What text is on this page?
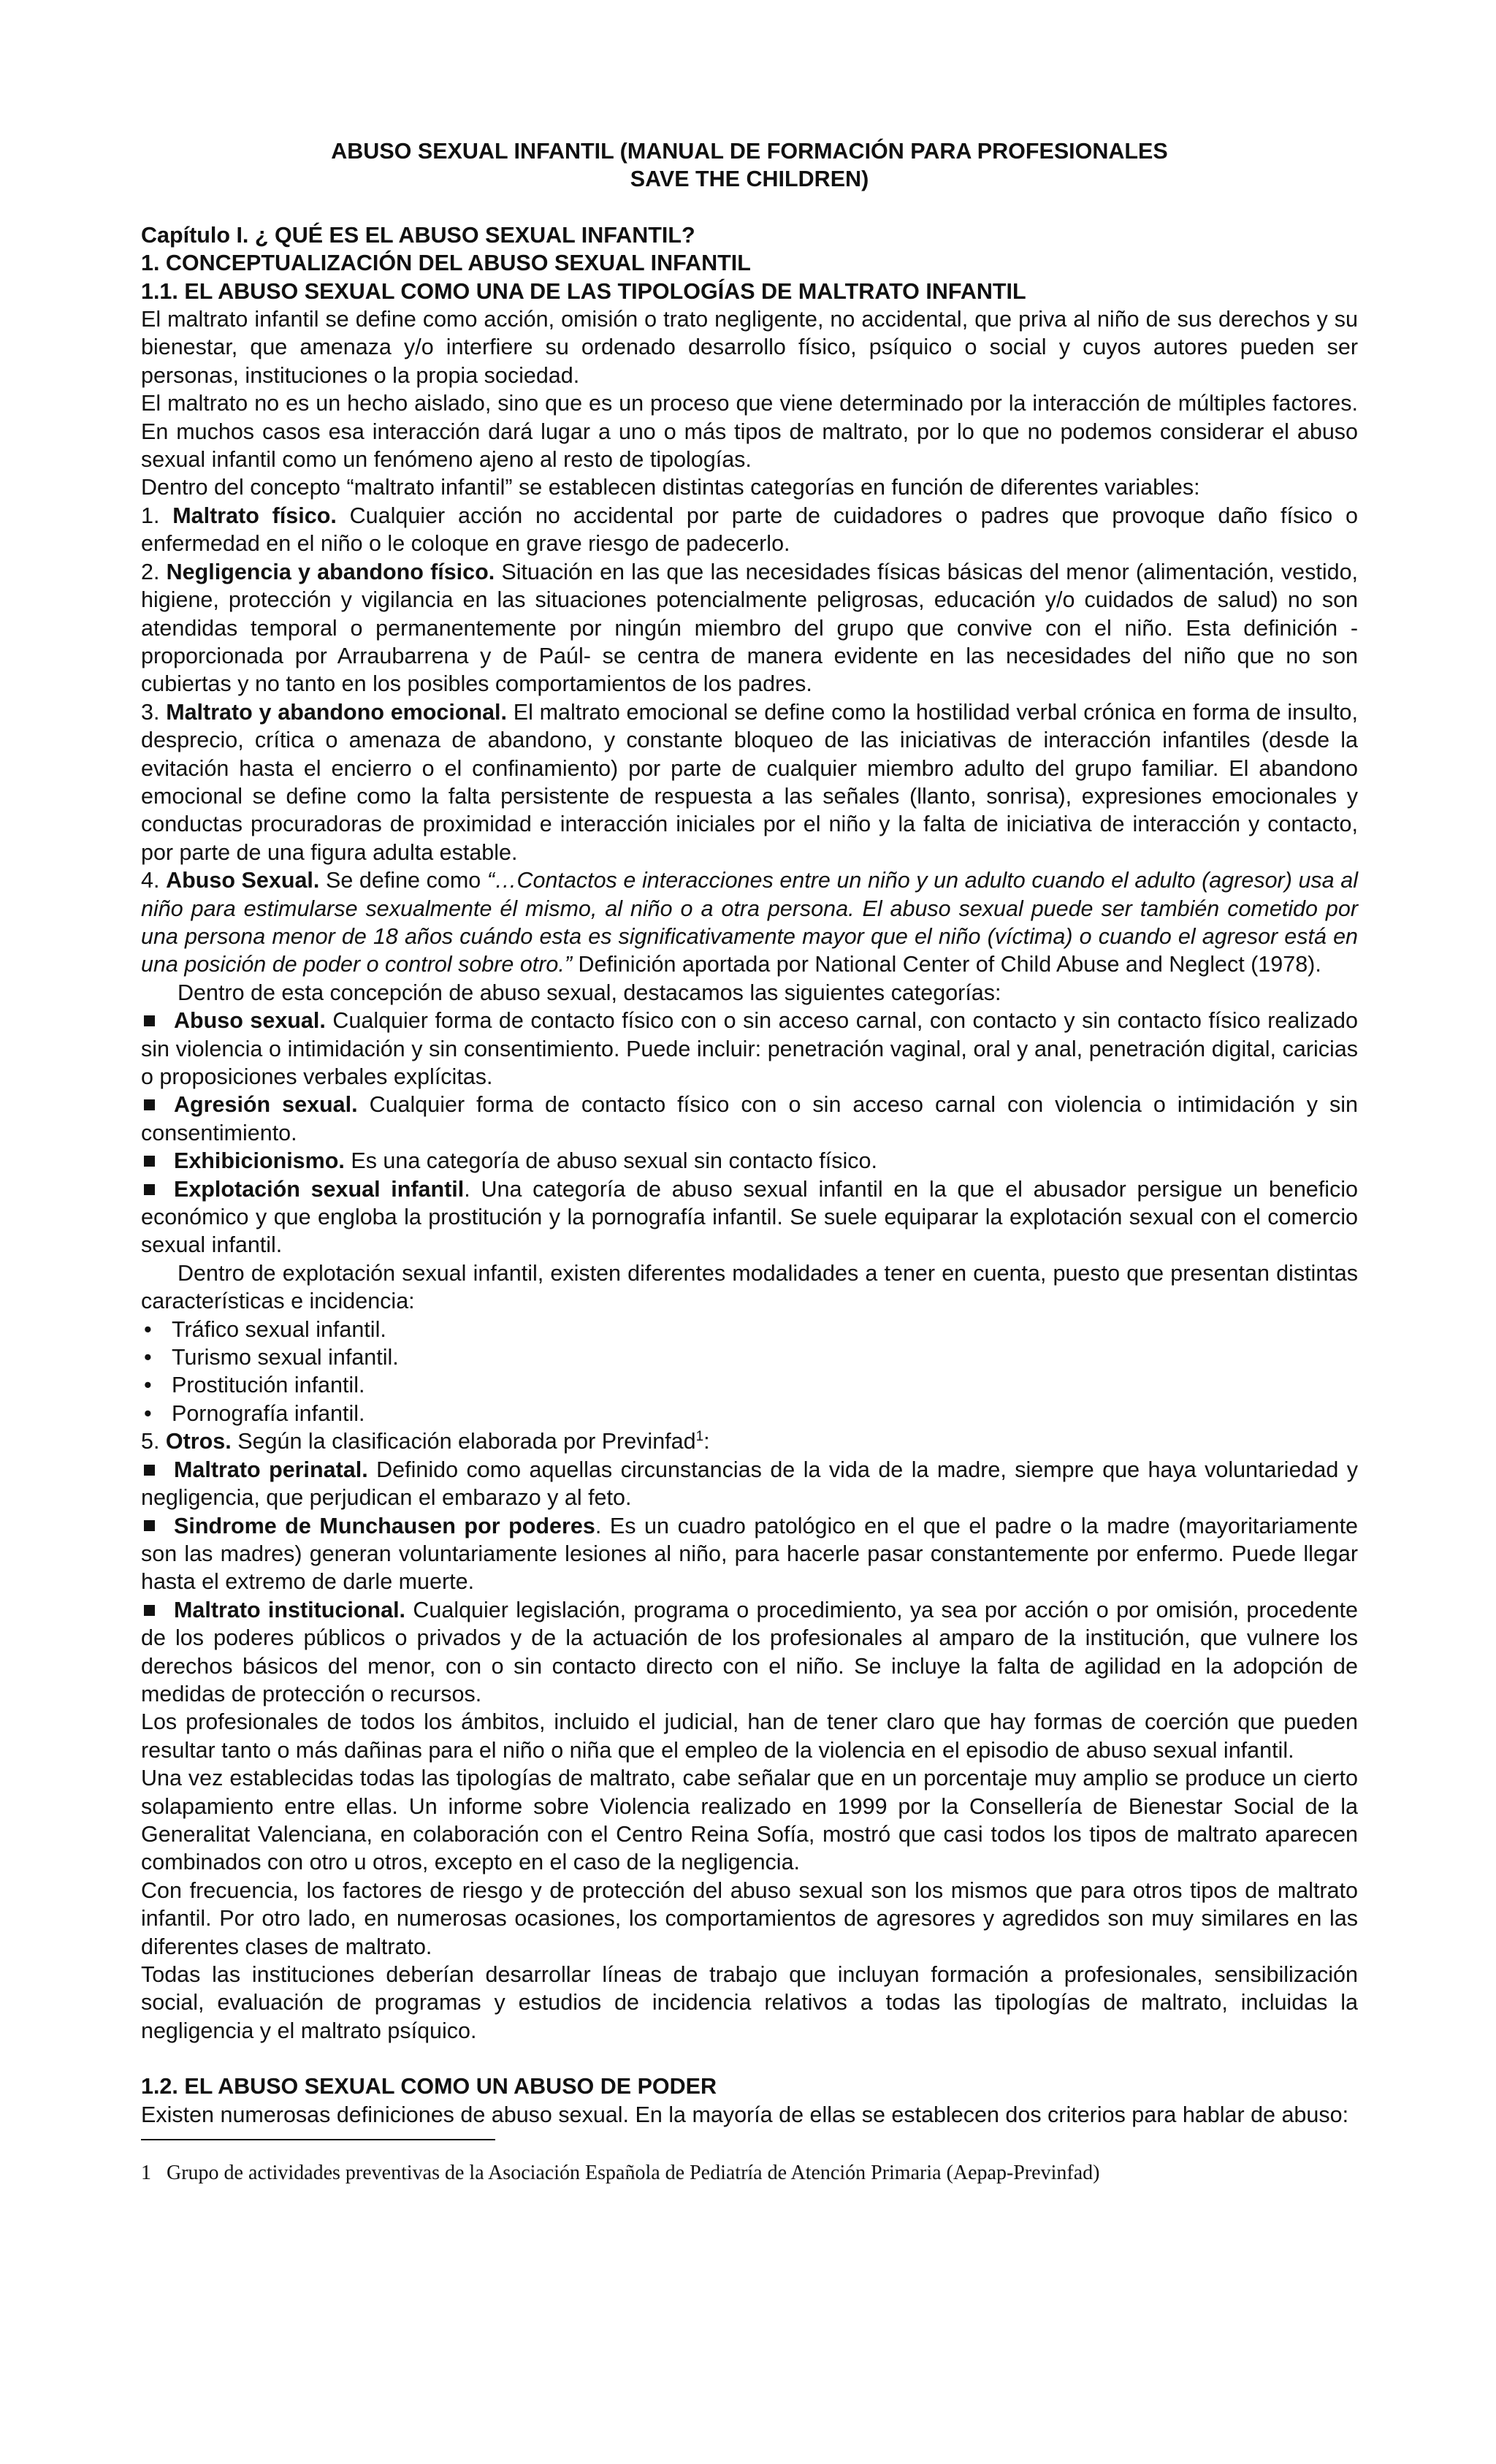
ABUSO SEXUAL INFANTIL (MANUAL DE FORMACIÓN PARA PROFESIONALES
SAVE THE CHILDREN)
Capítulo I. ¿ QUÉ ES EL ABUSO SEXUAL INFANTIL?
1. CONCEPTUALIZACIÓN DEL ABUSO SEXUAL INFANTIL
1.1. EL ABUSO SEXUAL COMO UNA DE LAS TIPOLOGÍAS DE MALTRATO INFANTIL

El maltrato infantil se define como acción, omisión o trato negligente, no accidental, que priva al niño de sus derechos y su bienestar, que amenaza y/o interfiere su ordenado desarrollo físico, psíquico o social y cuyos autores pueden ser personas, instituciones o la propia sociedad.

El maltrato no es un hecho aislado, sino que es un proceso que viene determinado por la interacción de múltiples factores. En muchos casos esa interacción dará lugar a uno o más tipos de maltrato, por lo que no podemos considerar el abuso sexual infantil como un fenómeno ajeno al resto de tipologías.

Dentro del concepto “maltrato infantil” se establecen distintas categorías en función de diferentes variables:

1. Maltrato físico. Cualquier acción no accidental por parte de cuidadores o padres que provoque daño físico o enfermedad en el niño o le coloque en grave riesgo de padecerlo.

2. Negligencia y abandono físico. Situación en las que las necesidades físicas básicas del menor (alimentación, vestido, higiene, protección y vigilancia en las situaciones potencialmente peligrosas, educación y/o cuidados de salud) no son atendidas temporal o permanentemente por ningún miembro del grupo que convive con el niño. Esta definición -proporcionada por Arraubarrena y de Paúl- se centra de manera evidente en las necesidades del niño que no son cubiertas y no tanto en los posibles comportamientos de los padres.

3. Maltrato y abandono emocional. El maltrato emocional se define como la hostilidad verbal crónica en forma de insulto, desprecio, crítica o amenaza de abandono, y constante bloqueo de las iniciativas de interacción infantiles (desde la evitación hasta el encierro o el confinamiento) por parte de cualquier miembro adulto del grupo familiar. El abandono emocional se define como la falta persistente de respuesta a las señales (llanto, sonrisa), expresiones emocionales y conductas procuradoras de proximidad e interacción iniciales por el niño y la falta de iniciativa de interacción y contacto, por parte de una figura adulta estable.

4. Abuso Sexual. Se define como “…Contactos e interacciones entre un niño y un adulto cuando el adulto (agresor) usa al niño para estimularse sexualmente él mismo, al niño o a otra persona. El abuso sexual puede ser también cometido por una persona menor de 18 años cuándo esta es significativamente mayor que el niño (víctima) o cuando el agresor está en una posición de poder o control sobre otro.” Definición aportada por National Center of Child Abuse and Neglect (1978).

Dentro de esta concepción de abuso sexual, destacamos las siguientes categorías:

Abuso sexual. Cualquier forma de contacto físico con o sin acceso carnal, con contacto y sin contacto físico realizado sin violencia o intimidación y sin consentimiento. Puede incluir: penetración vaginal, oral y anal, penetración digital, caricias o proposiciones verbales explícitas.

Agresión sexual. Cualquier forma de contacto físico con o sin acceso carnal con violencia o intimidación y sin consentimiento.

Exhibicionismo. Es una categoría de abuso sexual sin contacto físico.

Explotación sexual infantil. Una categoría de abuso sexual infantil en la que el abusador persigue un beneficio económico y que engloba la prostitución y la pornografía infantil. Se suele equiparar la explotación sexual con el comercio sexual infantil.

Dentro de explotación sexual infantil, existen diferentes modalidades a tener en cuenta, puesto que presentan distintas características e incidencia:

• Tráfico sexual infantil.
• Turismo sexual infantil.
• Prostitución infantil.
• Pornografía infantil.

5. Otros. Según la clasificación elaborada por Previnfad$^1$:

Maltrato perinatal. Definido como aquellas circunstancias de la vida de la madre, siempre que haya voluntariedad y negligencia, que perjudican el embarazo y al feto.

Sindrome de Munchausen por poderes. Es un cuadro patológico en el que el padre o la madre (mayoritariamente son las madres) generan voluntariamente lesiones al niño, para hacerle pasar constantemente por enfermo. Puede llegar hasta el extremo de darle muerte.

Maltrato institucional. Cualquier legislación, programa o procedimiento, ya sea por acción o por omisión, procedente de los poderes públicos o privados y de la actuación de los profesionales al amparo de la institución, que vulnere los derechos básicos del menor, con o sin contacto directo con el niño. Se incluye la falta de agilidad en la adopción de medidas de protección o recursos.

Los profesionales de todos los ámbitos, incluido el judicial, han de tener claro que hay formas de coerción que pueden resultar tanto o más dañinas para el niño o niña que el empleo de la violencia en el episodio de abuso sexual infantil.

Una vez establecidas todas las tipologías de maltrato, cabe señalar que en un porcentaje muy amplio se produce un cierto solapamiento entre ellas. Un informe sobre Violencia realizado en 1999 por la Consellería de Bienestar Social de la Generalitat Valenciana, en colaboración con el Centro Reina Sofía, mostró que casi todos los tipos de maltrato aparecen combinados con otro u otros, excepto en el caso de la negligencia.

Con frecuencia, los factores de riesgo y de protección del abuso sexual son los mismos que para otros tipos de maltrato infantil. Por otro lado, en numerosas ocasiones, los comportamientos de agresores y agredidos son muy similares en las diferentes clases de maltrato.

Todas las instituciones deberían desarrollar líneas de trabajo que incluyan formación a profesionales, sensibilización social, evaluación de programas y estudios de incidencia relativos a todas las tipologías de maltrato, incluidas la negligencia y el maltrato psíquico.

1.2. EL ABUSO SEXUAL COMO UN ABUSO DE PODER

Existen numerosas definiciones de abuso sexual. En la mayoría de ellas se establecen dos criterios para hablar de abuso:

1 Grupo de actividades preventivas de la Asociación Española de Pediatría de Atención Primaria (Aepap-Previnfad)
